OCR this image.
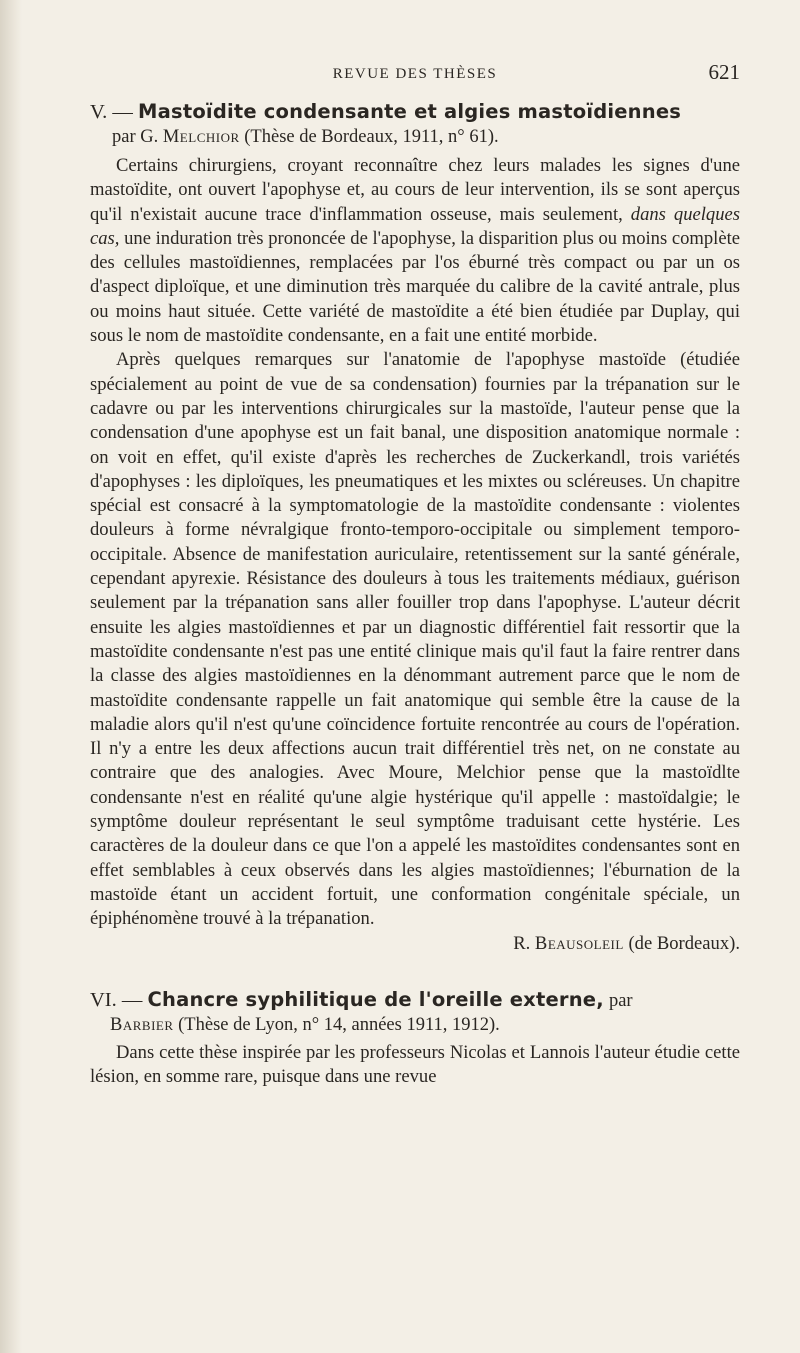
REVUE DES THÈSES	621
V. — Mastoïdite condensante et algies mastoïdiennes
par G. Melchior (Thèse de Bordeaux, 1911, n° 61).

Certains chirurgiens, croyant reconnaître chez leurs malades les signes d'une mastoïdite, ont ouvert l'apophyse et, au cours de leur intervention, ils se sont aperçus qu'il n'existait aucune trace d'inflammation osseuse, mais seulement, dans quelques cas, une induration très prononcée de l'apophyse, la disparition plus ou moins complète des cellules mastoïdiennes, remplacées par l'os éburné très compact ou par un os d'aspect diploïque, et une diminution très marquée du calibre de la cavité antrale, plus ou moins haut située. Cette variété de mastoïdite a été bien étudiée par Duplay, qui sous le nom de mastoïdite condensante, en a fait une entité morbide.

Après quelques remarques sur l'anatomie de l'apophyse mastoïde (étudiée spécialement au point de vue de sa condensation) fournies par la trépanation sur le cadavre ou par les interventions chirurgicales sur la mastoïde, l'auteur pense que la condensation d'une apophyse est un fait banal, une disposition anatomique normale : on voit en effet, qu'il existe d'après les recherches de Zuckerkandl, trois variétés d'apophyses : les diploïques, les pneumatiques et les mixtes ou scléreuses. Un chapitre spécial est consacré à la symptomatologie de la mastoïdite condensante : violentes douleurs à forme névralgique fronto-temporo-occipitale ou simplement temporo-occipitale. Absence de manifestation auriculaire, retentissement sur la santé générale, cependant apyrexie. Résistance des douleurs à tous les traitements médiaux, guérison seulement par la trépanation sans aller fouiller trop dans l'apophyse. L'auteur décrit ensuite les algies mastoïdiennes et par un diagnostic différentiel fait ressortir que la mastoïdite condensante n'est pas une entité clinique mais qu'il faut la faire rentrer dans la classe des algies mastoïdiennes en la dénommant autrement parce que le nom de mastoïdite condensante rappelle un fait anatomique qui semble être la cause de la maladie alors qu'il n'est qu'une coïncidence fortuite rencontrée au cours de l'opération. Il n'y a entre les deux affections aucun trait différentiel très net, on ne constate au contraire que des analogies. Avec Moure, Melchior pense que la mastoïdlte condensante n'est en réalité qu'une algie hystérique qu'il appelle : mastoïdalgie; le symptôme douleur représentant le seul symptôme traduisant cette hystérie. Les caractères de la douleur dans ce que l'on a appelé les mastoïdites condensantes sont en effet semblables à ceux observés dans les algies mastoïdiennes; l'éburnation de la mastoïde étant un accident fortuit, une conformation congénitale spéciale, un épiphénomène trouvé à la trépanation.

R. Beausoleil (de Bordeaux).

VI. — Chancre syphilitique de l'oreille externe, par
Barbier (Thèse de Lyon, n° 14, années 1911, 1912).

Dans cette thèse inspirée par les professeurs Nicolas et Lannois l'auteur étudie cette lésion, en somme rare, puisque dans une revue
